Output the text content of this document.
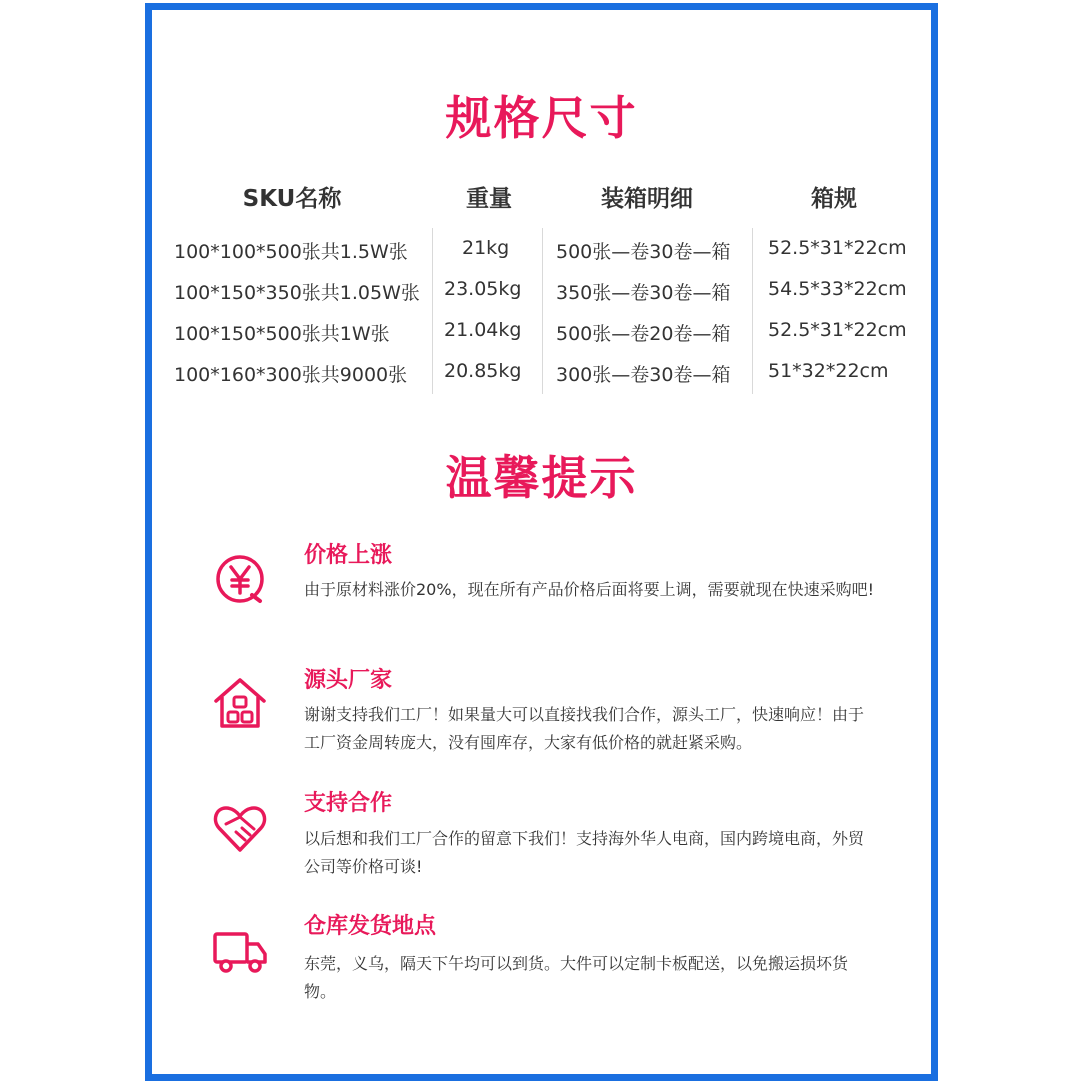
规格尺寸
SKU名称	重量	装箱明细	箱规
100*100*500张共1.5W张	21kg 500张—卷30卷—箱 52.5*31*22cm
100*150*350张共1.05W张 23.05kg 350张—卷30卷—箱 54.5*33*22cm
100*150*500张共1W张	21.04kg 500张—卷20卷—箱 52.5*31*22cm
100*160*300张共9000张 20.85kg 300张—卷30卷—箱 51*32*22cm
温馨提示
价格上涨
由于原材料涨价20%，现在所有产品价格后面将要上调，需要就现在快速采购吧!
源头厂家
谢谢支持我们工厂！如果量大可以直接找我们合作，源头工厂，快速响应！由于工厂资金周转庞大，没有囤库存，大家有低价格的就赶紧采购。
支持合作
以后想和我们工厂合作的留意下我们！支持海外华人电商，国内跨境电商，外贸公司等价格可谈!
仓库发货地点
东莞，义乌，隔天下午均可以到货。大件可以定制卡板配送，以免搬运损坏货物。
